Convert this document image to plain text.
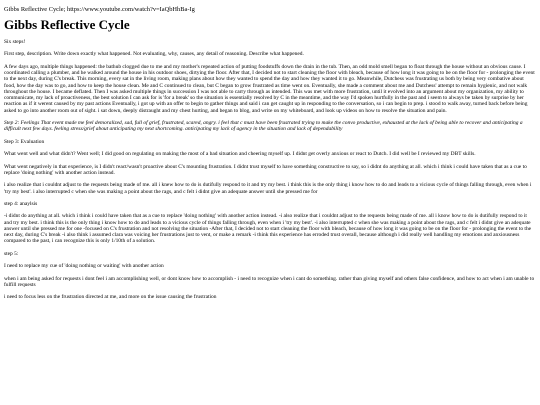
Gibbs Reflective Cycle; https://www.youtube.com/watch?v=IaQbHhBa-Ig
Gibbs Reflective Cycle

Six steps!

First step, description. Write down exactly what happened. Not evaluating, why, causes, any detail of reasoning. Describe what happened.

A few days ago, multiple things happened: the bathub clogged due to me and my mother's repeated action of putting foodstuffs down the drain in the tub. Then, an odd mold smell began to float through the house without an obvious cause. I coordinated calling a plumber, and he walked around the house in his outdoor shoes, dirtying the floor. After that, I decided not to start cleaning the floor with bleach, because of how long it was going to be on the floor for - prolonging the event to the next day, during C's break. This morning, every sat in the living room, making plans about how they wanted to spend the day and how they wanted it to go. Meanwhile, Dutchess was frustrating us both by being very combative about food, how the day was to go, and how to keep the house clean. Me and C continued to clean, but C began to grow frustrated as time went on. Eventually, she made a comment about me and Dutchess' attempt to remain hygienic, and not walk throughout the house. I became deflated. Then I was asked multiple things in succession I was not able to carry through as intended. This was met with more frustration, until it evolved into an argument about my organization, my ability to communicate, my lack of proactiveness, the best solution I can ask for is 'for a break' so the situation is essentially resolved by C in the meantime, and the way I'd spoken hurtfully in the past and i seem to always be taken by surprise by her reaction as if it werent caused by my past actions Eventually, i got up with an offer to begin to gather things and said i can get caught up in responding to the conversation, so i can begin to prep. i stood to walk away, turned back before being asked to go into another room out of sight. i sat down, deeply distraught and my chest hurting, and began to blog, and write on my whiteboard, and look up videos on how to resolve the situation and pain.

Step 2: Feelings That event made me feel demoralized, sad, full of grief, frustrated, scared, angry. i feel that c must have been frustrated trying to make the convo productive, exhausted at the lack of being able to recover and anticipating a difficult next few days. feeling stress/grief about anticipating my next shortcoming. anticipating my lack of agency in the situation and lack of dependability

Step 3: Evaluation

What went well and what didn't? Went well; I did good on regulating on making the most of a bad situation and cheering myself up. I didnt get overly anxious or react to Dutch. I did well be I reviewed my DBT skills.

What went negatively in that experience, is I didn't react/wasn't proactive about C's mounting frustration. I didnt trust myself to have something constructive to say, so i didnt do anything at all. which i think i could have taken that as a cue to replace 'doing nothing' with another action instead.

i also realize that i couldnt adjust to the requests being made of me. all i knew how to do is dutifully respond to it and try my best. i think this is the only thing i know how to do and leads to a vicious cycle of things falling through, even when i 'try my best'. i also interrupted c when she was making a point about the rags, and c felt i didnt give an adequate answer until she pressed me for

step 4: anaylsis

-i didnt do anything at all. which i think i could have taken that as a cue to replace 'doing nothing' with another action instead. -i also realize that i couldnt adjust to the requests being made of me. all i know how to do is dutifully respond to it and try my best. i think this is the only thing i know how to do and leads to a vicious cycle of things falling through, even when i 'try my best'. -i also interrupted c when she was making a point about the rags, and c felt i didnt give an adequate answer until she pressed me for one -focused on C's frustration and not resolving the situation -After that, I decided not to start cleaning the floor with bleach, because of how long it was going to be on the floor for - prolonging the event to the next day, during C's break -i also think i assumed clara was voicing her frustrations just to vent, or make a remark -i think this experience has erroded trust overall, because although i did really well handling my emotions and anxiousness compared to the past, i can recognize this is only 1/10th of a solution.

step 5:

I need to replace my cue of 'doing nothing or waiting' with another action

when i am being asked for requests i dont feel i am accomplishing well, or dont know how to accomplish - i need to recognize when i cant do something. rather than giving myself and others false confidence, and how to act when i am unable to fulfill requests

i need to focus less on the frustration directed at me, and more on the issue causing the frustration
